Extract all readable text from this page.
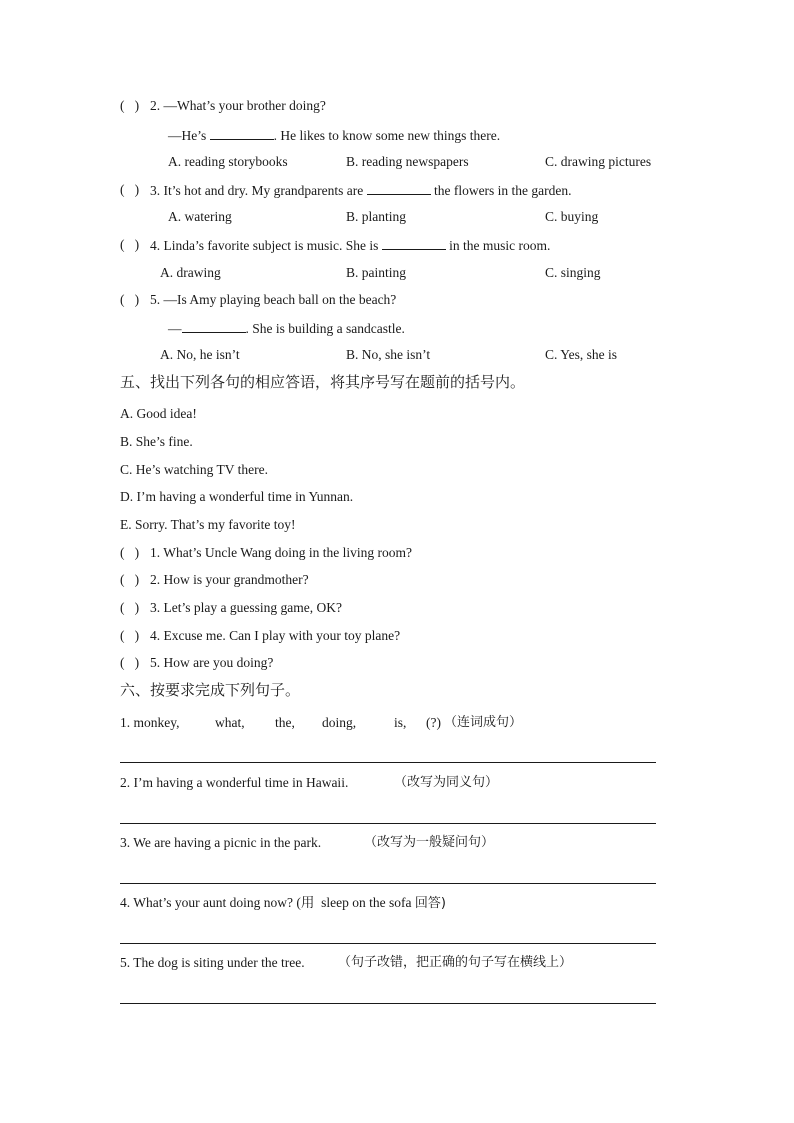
(   ) 2. —What’s your brother doing?
—He’s	. He likes to know some new things there.
A. reading storybooks	B. reading newspapers	C. drawing pictures
(   ) 3. It’s hot and dry. My grandparents are	the flowers in the garden.
A. watering	B. planting	C. buying
(   ) 4. Linda’s favorite subject is music. She is	in the music room.
A. drawing	B. painting	C. singing
(   ) 5. —Is Amy playing beach ball on the beach?
—	. She is building a sandcastle.
A. No, he isn’t	B. No, she isn’t	C. Yes, she is
五、找出下列各句的相应答语，将其序号写在题前的括号内。
A. Good idea!
B. She’s fine.
C. He’s watching TV there.
D. I’m having a wonderful time in Yunnan.
E. Sorry. That’s my favorite toy!
(   ) 1. What’s Uncle Wang doing in the living room?
(   ) 2. How is your grandmother?
(   ) 3. Let’s play a guessing game, OK?
(   ) 4. Excuse me. Can I play with your toy plane?
(   ) 5. How are you doing?
六、按要求完成下列句子。
1. monkey,	what, the, doing,	is, (?) （连词成句）
2. I’m having a wonderful time in Hawaii.	（改写为同义句）
3. We are having a picnic in the park.	（改写为一般疑问句）
4. What’s your aunt doing now? (用 sleep on the sofa 回答)
5. The dog is siting under the tree.	（句子改错，把正确的句子写在横线上）
